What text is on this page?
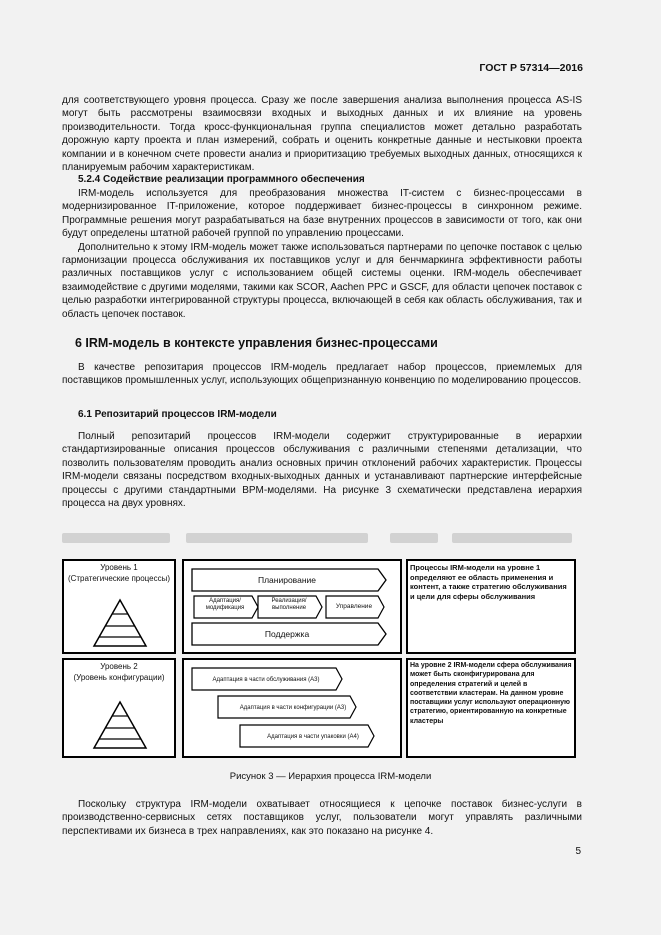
ГОСТ Р 57314—2016

для соответствующего уровня процесса. Сразу же после завершения анализа выполнения процесса AS-IS могут быть рассмотрены взаимосвязи входных и выходных данных и их влияние на уровень производительности. Тогда кросс-функциональная группа специалистов может детально разработать дорожную карту проекта и план измерений, собрать и оценить конкретные данные и нестыковки проекта компании и в конечном счете провести анализ и приоритизацию требуемых выходных данных, относящихся к планируемым рабочим характеристикам.

5.2.4 Содействие реализации программного обеспечения

IRM-модель используется для преобразования множества IT-систем с бизнес-процессами в модернизированное IT-приложение, которое поддерживает бизнес-процессы в синхронном режиме. Программные решения могут разрабатываться на базе внутренних процессов в зависимости от того, как они будут определены штатной рабочей группой по управлению процессами.

Дополнительно к этому IRM-модель может также использоваться партнерами по цепочке поставок с целью гармонизации процесса обслуживания их поставщиков услуг и для бенчмаркинга эффективности работы различных поставщиков услуг с использованием общей системы оценки. IRM-модель обеспечивает взаимодействие с другими моделями, такими как SCOR, Aachen PPC и GSCF, для области цепочек поставок с целью разработки интегрированной структуры процесса, включающей в себя как область обслуживания, так и область цепочек поставок.

6 IRM-модель в контексте управления бизнес-процессами

В качестве репозитария процессов IRM-модель предлагает набор процессов, приемлемых для поставщиков промышленных услуг, использующих общепризнанную конвенцию по моделированию процессов.

6.1 Репозитарий процессов IRM-модели

Полный репозитарий процессов IRM-модели содержит структурированные в иерархии стандартизированные описания процессов обслуживания с различными степенями детализации, что позволить пользователям проводить анализ основных причин отклонений рабочих характеристик. Процессы IRM-модели связаны посредством входных-выходных данных и устанавливают партнерские интерфейсные процессы с другими стандартными BPM-моделями. На рисунке 3 схематически представлена иерархия процесса на двух уровнях.

Уровень 1
(Стратегические процессы)	Планирование
Адаптация/ модификация
Реализация/ выполнение	Управление
Поддержка
Процессы IRM-модели на уровне 1 определяют ее область применения и контент, а также стратегию обслуживания и цели для сферы обслуживания
Уровень 2
(Уровень конфигурации)	Адаптация в части обслуживания (A3)
Адаптация в части конфигурации (A3)
Адаптация в части упаковки (A4)
На уровне 2 IRM-модели сфера обслуживания может быть сконфигурирована для определения стратегий и целей в соответствии кластерам. На данном уровне поставщики услуг используют операционную стратегию, ориентированную на конкретные кластеры
Рисунок 3 — Иерархия процесса IRM-модели

Поскольку структура IRM-модели охватывает относящиеся к цепочке поставок бизнес-услуги в производственно-сервисных сетях поставщиков услуг, пользователи могут управлять различными перспективами их бизнеса в трех направлениях, как это показано на рисунке 4.

5
